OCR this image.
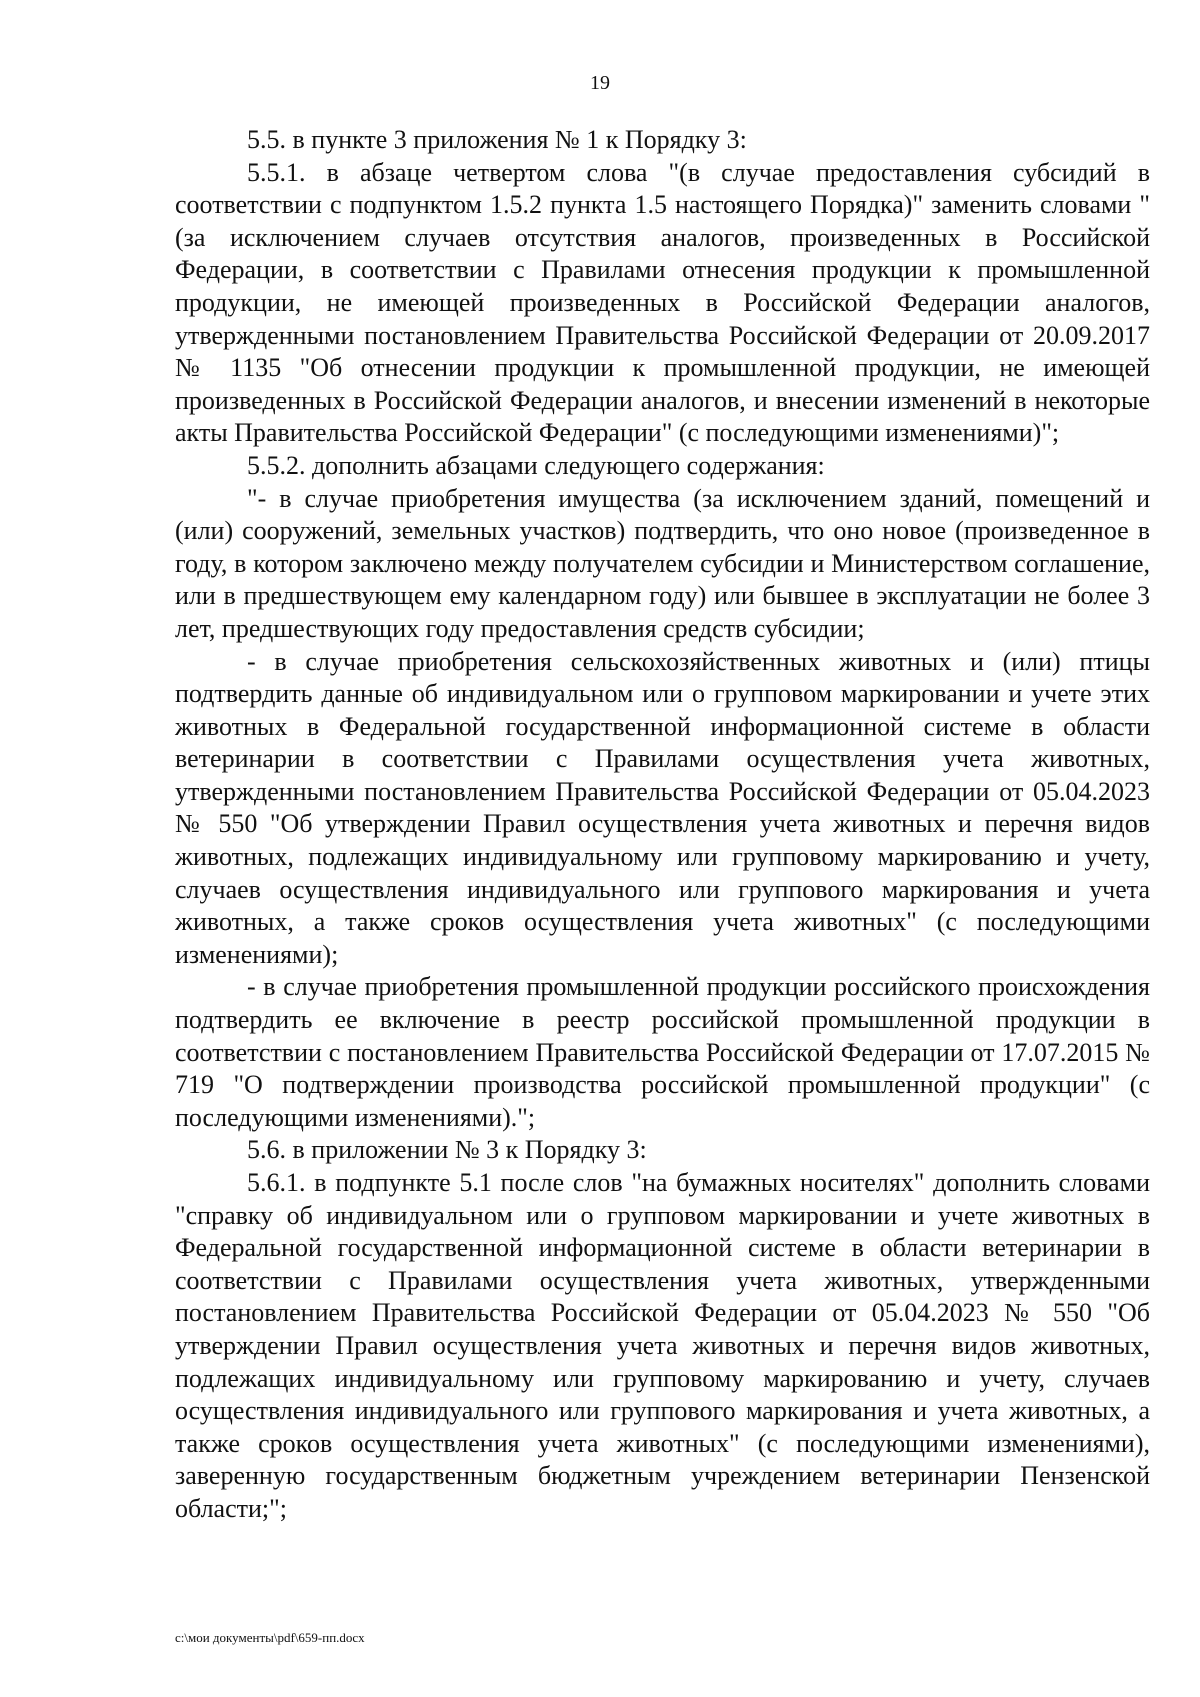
19

5.5. в пункте 3 приложения № 1 к Порядку 3:

5.5.1. в абзаце четвертом слова "(в случае предоставления субсидий в соответствии с подпунктом 1.5.2 пункта 1.5 настоящего Порядка)" заменить словами "(за исключением случаев отсутствия аналогов, произведенных в Российской Федерации, в соответствии с Правилами отнесения продукции к промышленной продукции, не имеющей произведенных в Российской Федерации аналогов, утвержденными постановлением Правительства Российской Федерации от 20.09.2017 № 1135 "Об отнесении продукции к промышленной продукции, не имеющей произведенных в Российской Федерации аналогов, и внесении изменений в некоторые акты Правительства Российской Федерации" (с последующими изменениями)";

5.5.2. дополнить абзацами следующего содержания:

"- в случае приобретения имущества (за исключением зданий, помещений и (или) сооружений, земельных участков) подтвердить, что оно новое (произведенное в году, в котором заключено между получателем субсидии и Министерством соглашение, или в предшествующем ему календарном году) или бывшее в эксплуатации не более 3 лет, предшествующих году предоставления средств субсидии;

- в случае приобретения сельскохозяйственных животных и (или) птицы подтвердить данные об индивидуальном или о групповом маркировании и учете этих животных в Федеральной государственной информационной системе в области ветеринарии в соответствии с Правилами осуществления учета животных, утвержденными постановлением Правительства Российской Федерации от 05.04.2023 № 550 "Об утверждении Правил осуществления учета животных и перечня видов животных, подлежащих индивидуальному или групповому маркированию и учету, случаев осуществления индивидуального или группового маркирования и учета животных, а также сроков осуществления учета животных" (с последующими изменениями);

- в случае приобретения промышленной продукции российского происхождения подтвердить ее включение в реестр российской промышленной продукции в соответствии с постановлением Правительства Российской Федерации от 17.07.2015 № 719 "О подтверждении производства российской промышленной продукции" (с последующими изменениями).";

5.6. в приложении № 3 к Порядку 3:

5.6.1. в подпункте 5.1 после слов "на бумажных носителях" дополнить словами "справку об индивидуальном или о групповом маркировании и учете животных в Федеральной государственной информационной системе в области ветеринарии в соответствии с Правилами осуществления учета животных, утвержденными постановлением Правительства Российской Федерации от 05.04.2023 № 550 "Об утверждении Правил осуществления учета животных и перечня видов животных, подлежащих индивидуальному или групповому маркированию и учету, случаев осуществления индивидуального или группового маркирования и учета животных, а также сроков осуществления учета животных" (с последующими изменениями), заверенную государственным бюджетным учреждением ветеринарии Пензенской области;";

c:\мои документы\pdf\659-пп.docx
